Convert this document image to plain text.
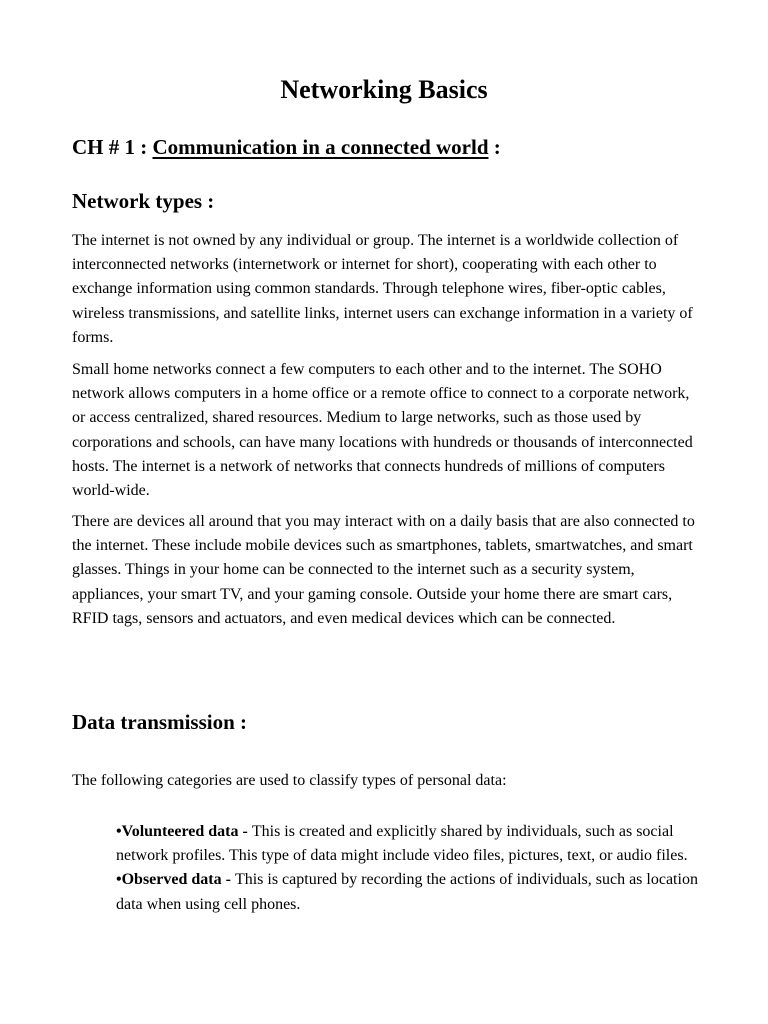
Networking Basics
CH # 1 : Communication in a connected world :
Network types :

The internet is not owned by any individual or group. The internet is a worldwide collection of interconnected networks (internetwork or internet for short), cooperating with each other to exchange information using common standards. Through telephone wires, fiber-optic cables, wireless transmissions, and satellite links, internet users can exchange information in a variety of forms.

Small home networks connect a few computers to each other and to the internet. The SOHO network allows computers in a home office or a remote office to connect to a corporate network, or access centralized, shared resources. Medium to large networks, such as those used by corporations and schools, can have many locations with hundreds or thousands of interconnected hosts. The internet is a network of networks that connects hundreds of millions of computers world-wide.

There are devices all around that you may interact with on a daily basis that are also connected to the internet. These include mobile devices such as smartphones, tablets, smartwatches, and smart glasses. Things in your home can be connected to the internet such as a security system, appliances, your smart TV, and your gaming console. Outside your home there are smart cars, RFID tags, sensors and actuators, and even medical devices which can be connected.

Data transmission :

The following categories are used to classify types of personal data:

•Volunteered data - This is created and explicitly shared by individuals, such as social network profiles. This type of data might include video files, pictures, text, or audio files.
•Observed data - This is captured by recording the actions of individuals, such as location data when using cell phones.
